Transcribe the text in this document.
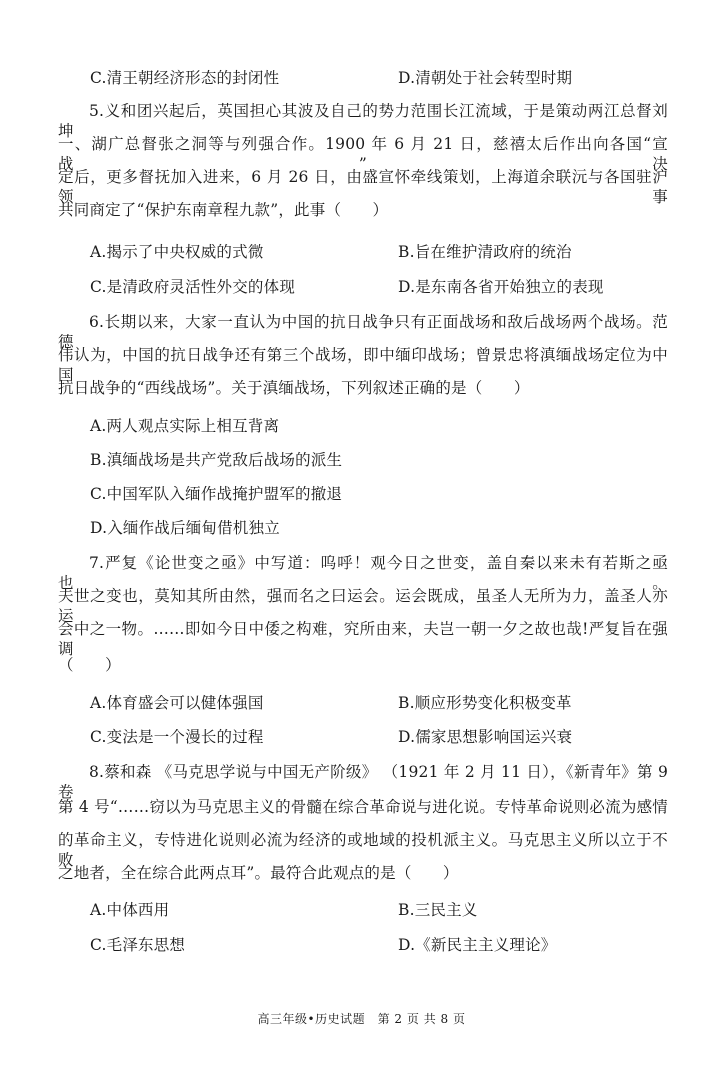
C.清王朝经济形态的封闭性	D.清朝处于社会转型时期
5.义和团兴起后，英国担心其波及自己的势力范围长江流域，于是策动两江总督刘坤
一、湖广总督张之洞等与列强合作。1900 年 6 月 21 日，慈禧太后作出向各国“宣战”决
定后，更多督抚加入进来，6 月 26 日，由盛宣怀牵线策划，上海道余联沅与各国驻沪领事
共同商定了“保护东南章程九款”，此事（　　）
A.揭示了中央权威的式微	B.旨在维护清政府的统治
C.是清政府灵活性外交的体现	D.是东南各省开始独立的表现
6.长期以来，大家一直认为中国的抗日战争只有正面战场和敌后战场两个战场。范德
伟认为，中国的抗日战争还有第三个战场，即中缅印战场；曾景忠将滇缅战场定位为中国
抗日战争的“西线战场”。关于滇缅战场，下列叙述正确的是（　　）
A.两人观点实际上相互背离
B.滇缅战场是共产党敌后战场的派生
C.中国军队入缅作战掩护盟军的撤退
D.入缅作战后缅甸借机独立
7.严复《论世变之亟》中写道：呜呼！观今日之世变，盖自秦以来未有若斯之亟也。
夫世之变也，莫知其所由然，强而名之曰运会。运会既成，虽圣人无所为力，盖圣人亦运
会中之一物。……即如今日中倭之构难，究所由来，夫岂一朝一夕之故也哉!严复旨在强调
（　　）
A.体育盛会可以健体强国	B.顺应形势变化积极变革
C.变法是一个漫长的过程	D.儒家思想影响国运兴衰
8.蔡和森 《马克思学说与中国无产阶级》 （1921 年 2 月 11 日），《新青年》第 9 卷
第 4 号“……窃以为马克思主义的骨髓在综合革命说与进化说。专恃革命说则必流为感情
的革命主义，专恃进化说则必流为经济的或地域的投机派主义。马克思主义所以立于不败
之地者，全在综合此两点耳”。最符合此观点的是（　　）
A.中体西用	B.三民主义
C.毛泽东思想	D.《新民主主义理论》
高三年级•历史试题　第 2 页 共 8 页
